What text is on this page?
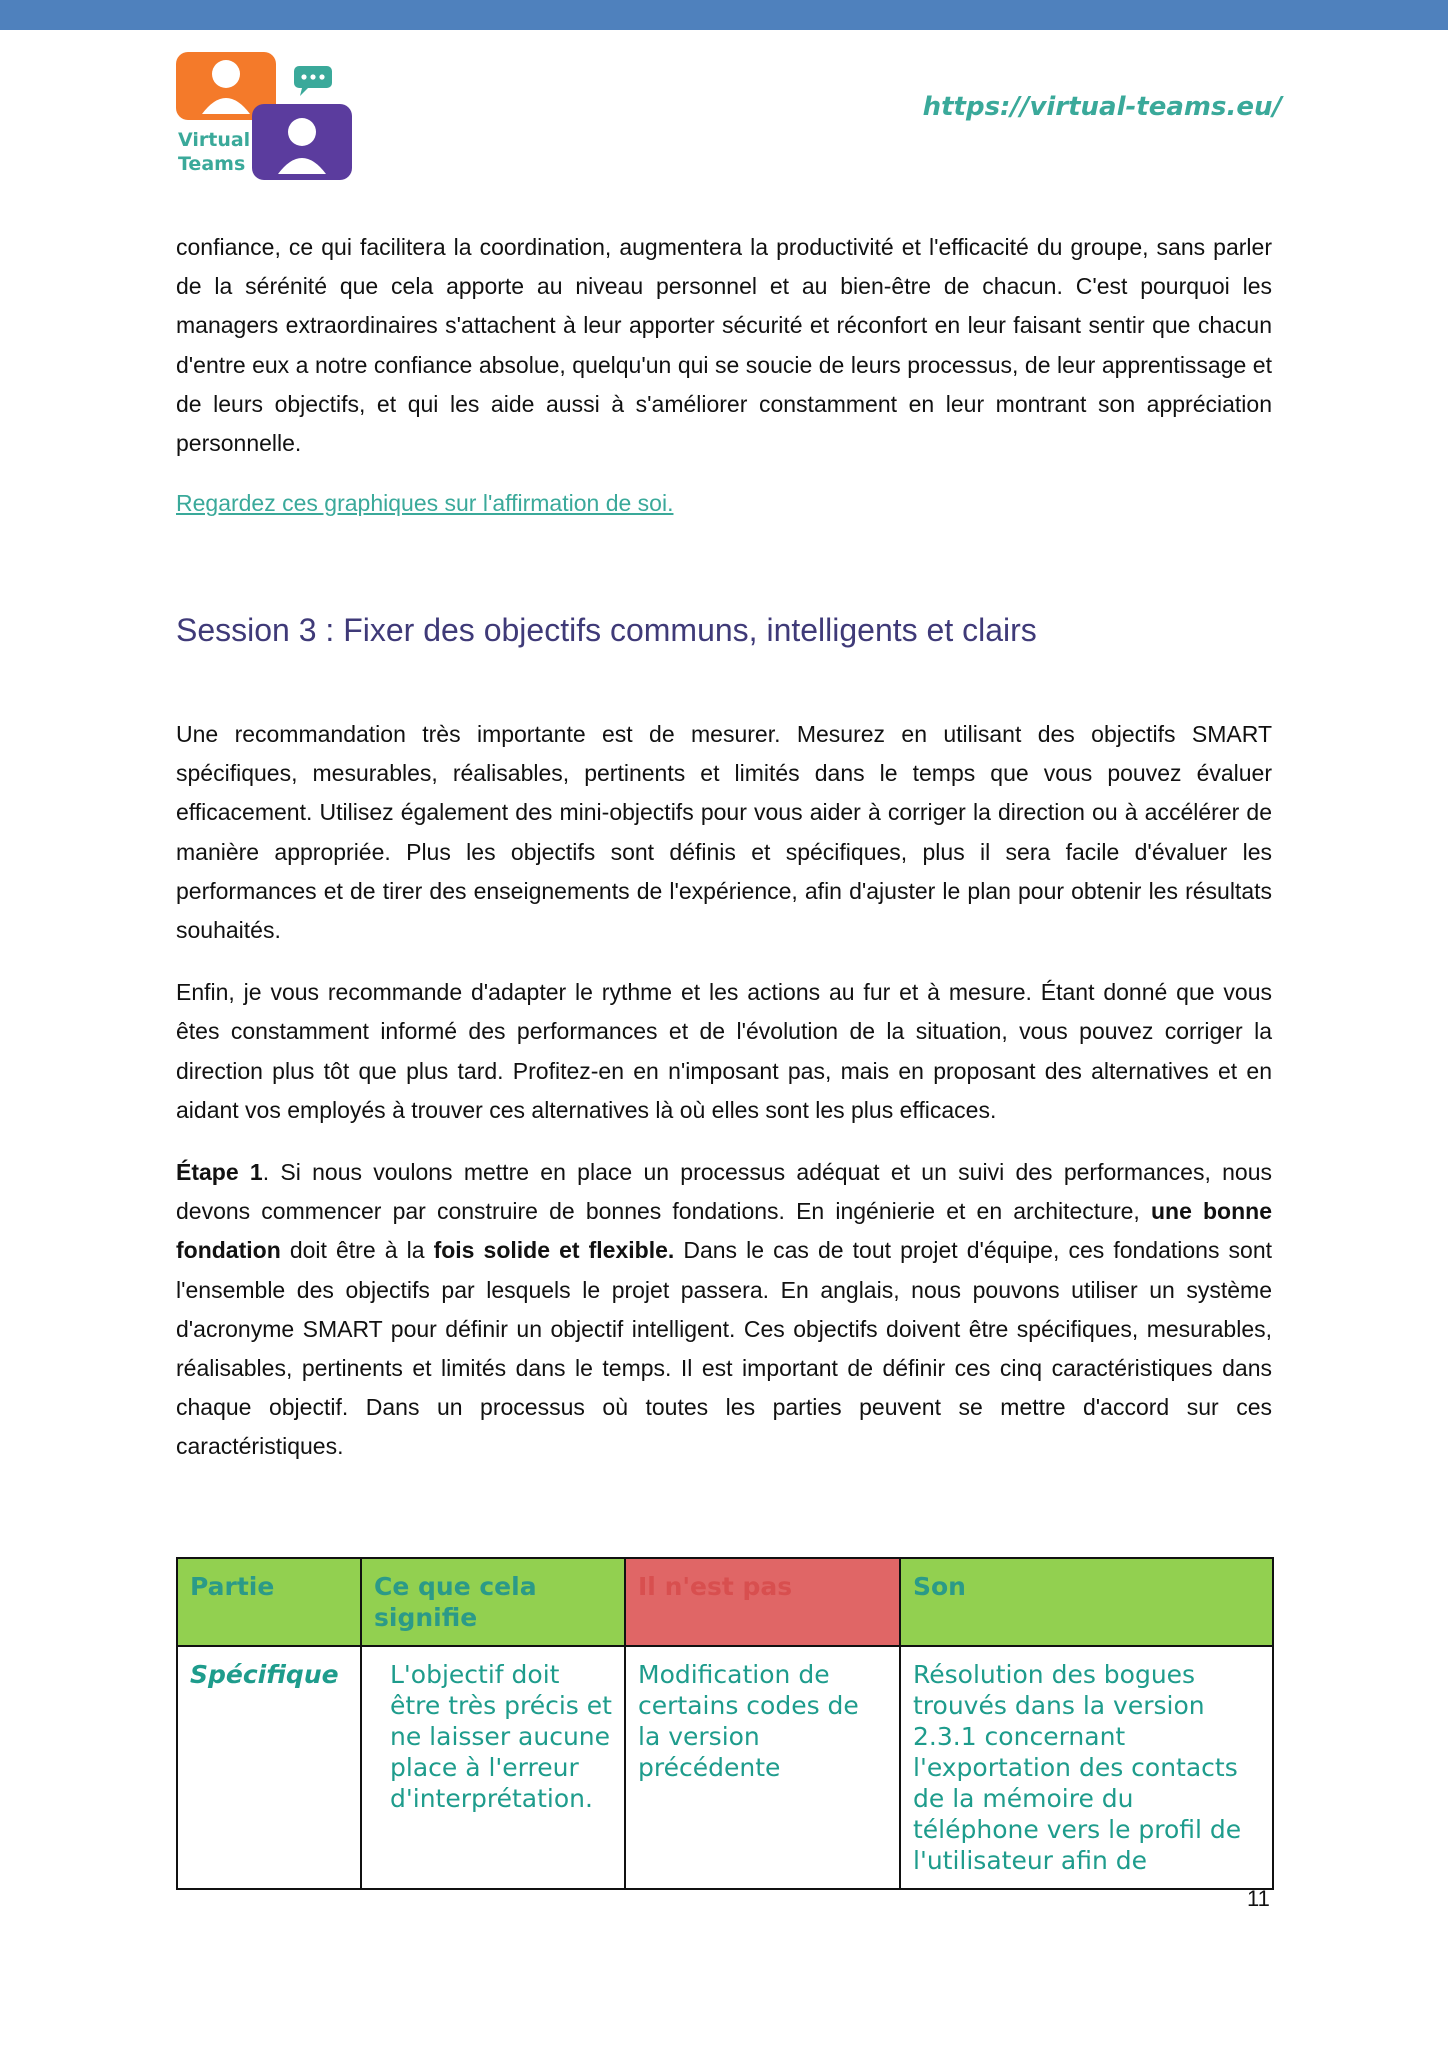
Virtual
Teams
https://virtual-teams.eu/

confiance, ce qui facilitera la coordination, augmentera la productivité et l'efficacité du groupe, sans parler de la sérénité que cela apporte au niveau personnel et au bien-être de chacun. C'est pourquoi les managers extraordinaires s'attachent à leur apporter sécurité et réconfort en leur faisant sentir que chacun d'entre eux a notre confiance absolue, quelqu'un qui se soucie de leurs processus, de leur apprentissage et de leurs objectifs, et qui les aide aussi à s'améliorer constamment en leur montrant son appréciation personnelle.

Regardez ces graphiques sur l'affirmation de soi.
Session 3 : Fixer des objectifs communs, intelligents et clairs

Une recommandation très importante est de mesurer. Mesurez en utilisant des objectifs SMART spécifiques, mesurables, réalisables, pertinents et limités dans le temps que vous pouvez évaluer efficacement. Utilisez également des mini-objectifs pour vous aider à corriger la direction ou à accélérer de manière appropriée. Plus les objectifs sont définis et spécifiques, plus il sera facile d'évaluer les performances et de tirer des enseignements de l'expérience, afin d'ajuster le plan pour obtenir les résultats souhaités.

Enfin, je vous recommande d'adapter le rythme et les actions au fur et à mesure. Étant donné que vous êtes constamment informé des performances et de l'évolution de la situation, vous pouvez corriger la direction plus tôt que plus tard. Profitez-en en n'imposant pas, mais en proposant des alternatives et en aidant vos employés à trouver ces alternatives là où elles sont les plus efficaces.

Étape 1. Si nous voulons mettre en place un processus adéquat et un suivi des performances, nous devons commencer par construire de bonnes fondations. En ingénierie et en architecture, une bonne fondation doit être à la fois solide et flexible. Dans le cas de tout projet d'équipe, ces fondations sont l'ensemble des objectifs par lesquels le projet passera. En anglais, nous pouvons utiliser un système d'acronyme SMART pour définir un objectif intelligent. Ces objectifs doivent être spécifiques, mesurables, réalisables, pertinents et limités dans le temps. Il est important de définir ces cinq caractéristiques dans chaque objectif. Dans un processus où toutes les parties peuvent se mettre d'accord sur ces caractéristiques.

Partie	Ce que cela signifie	Il n'est pas	Son
Spécifique	L'objectif doit être très précis et ne laisser aucune place à l'erreur d'interprétation.	Modification de certains codes de la version précédente	Résolution des bogues trouvés dans la version 2.3.1 concernant l'exportation des contacts de la mémoire du téléphone vers le profil de l'utilisateur afin de
11
